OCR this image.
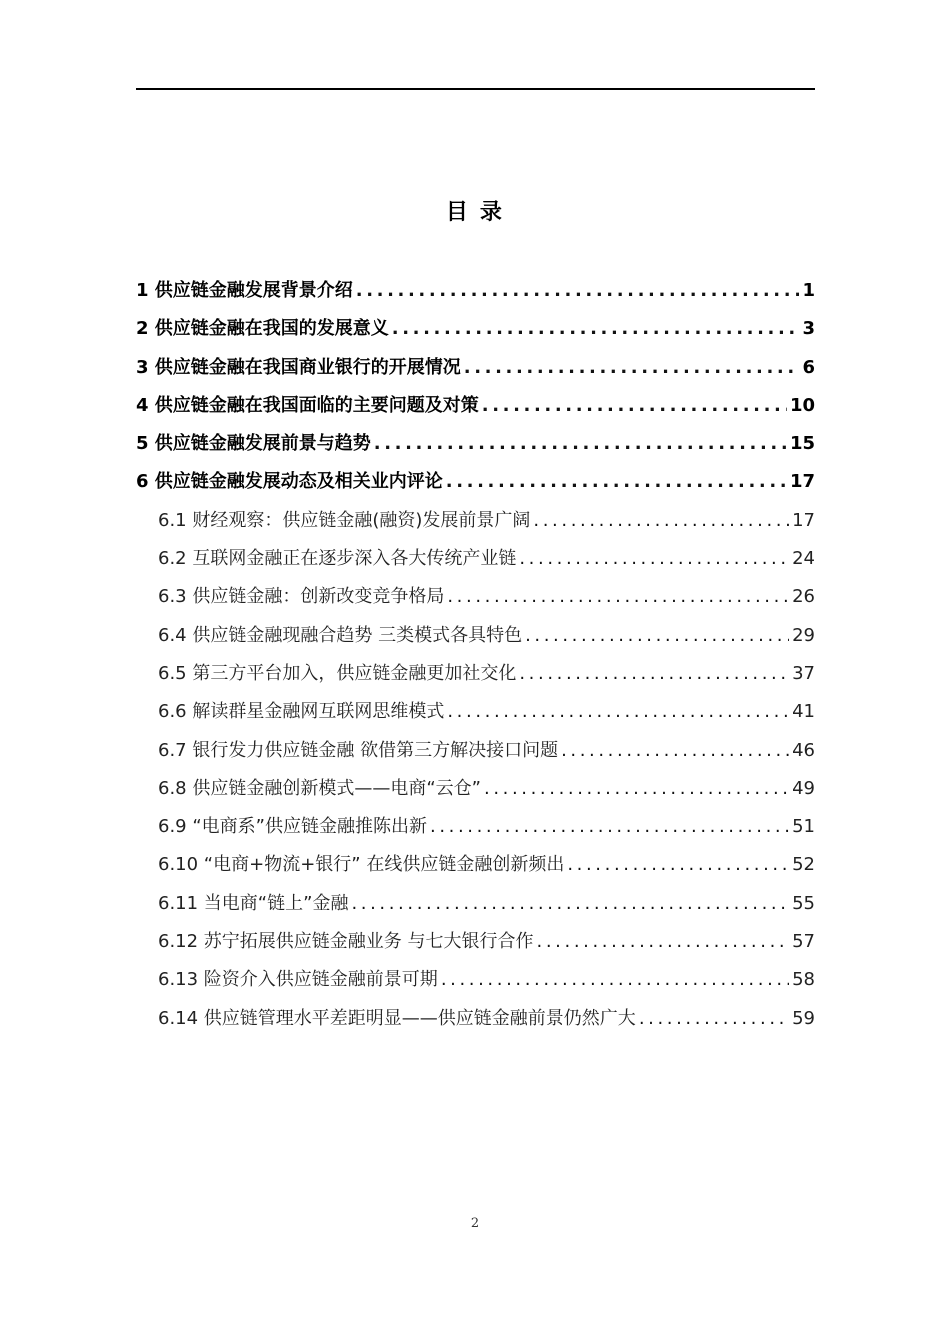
目 录
1 供应链金融发展背景介绍 .....	1
2 供应链金融在我国的发展意义 .....	3
3 供应链金融在我国商业银行的开展情况 .....	6
4 供应链金融在我国面临的主要问题及对策 .....	10
5 供应链金融发展前景与趋势 .....	15
6 供应链金融发展动态及相关业内评论 .....	17
6.1 财经观察：供应链金融(融资)发展前景广阔 .....	17
6.2 互联网金融正在逐步深入各大传统产业链 .....	24
6.3 供应链金融：创新改变竞争格局 .....	26
6.4 供应链金融现融合趋势 三类模式各具特色 .....	29
6.5 第三方平台加入，供应链金融更加社交化 .....	37
6.6 解读群星金融网互联网思维模式 .....	41
6.7 银行发力供应链金融 欲借第三方解决接口问题 .....	46
6.8 供应链金融创新模式——电商“云仓” .....	49
6.9 “电商系”供应链金融推陈出新 .....	51
6.10 “电商+物流+银行” 在线供应链金融创新频出 .....	52
6.11 当电商“链上”金融 .....	55
6.12 苏宁拓展供应链金融业务 与七大银行合作 .....	57
6.13 险资介入供应链金融前景可期 .....	58
6.14 供应链管理水平差距明显——供应链金融前景仍然广大 .....	59
2
